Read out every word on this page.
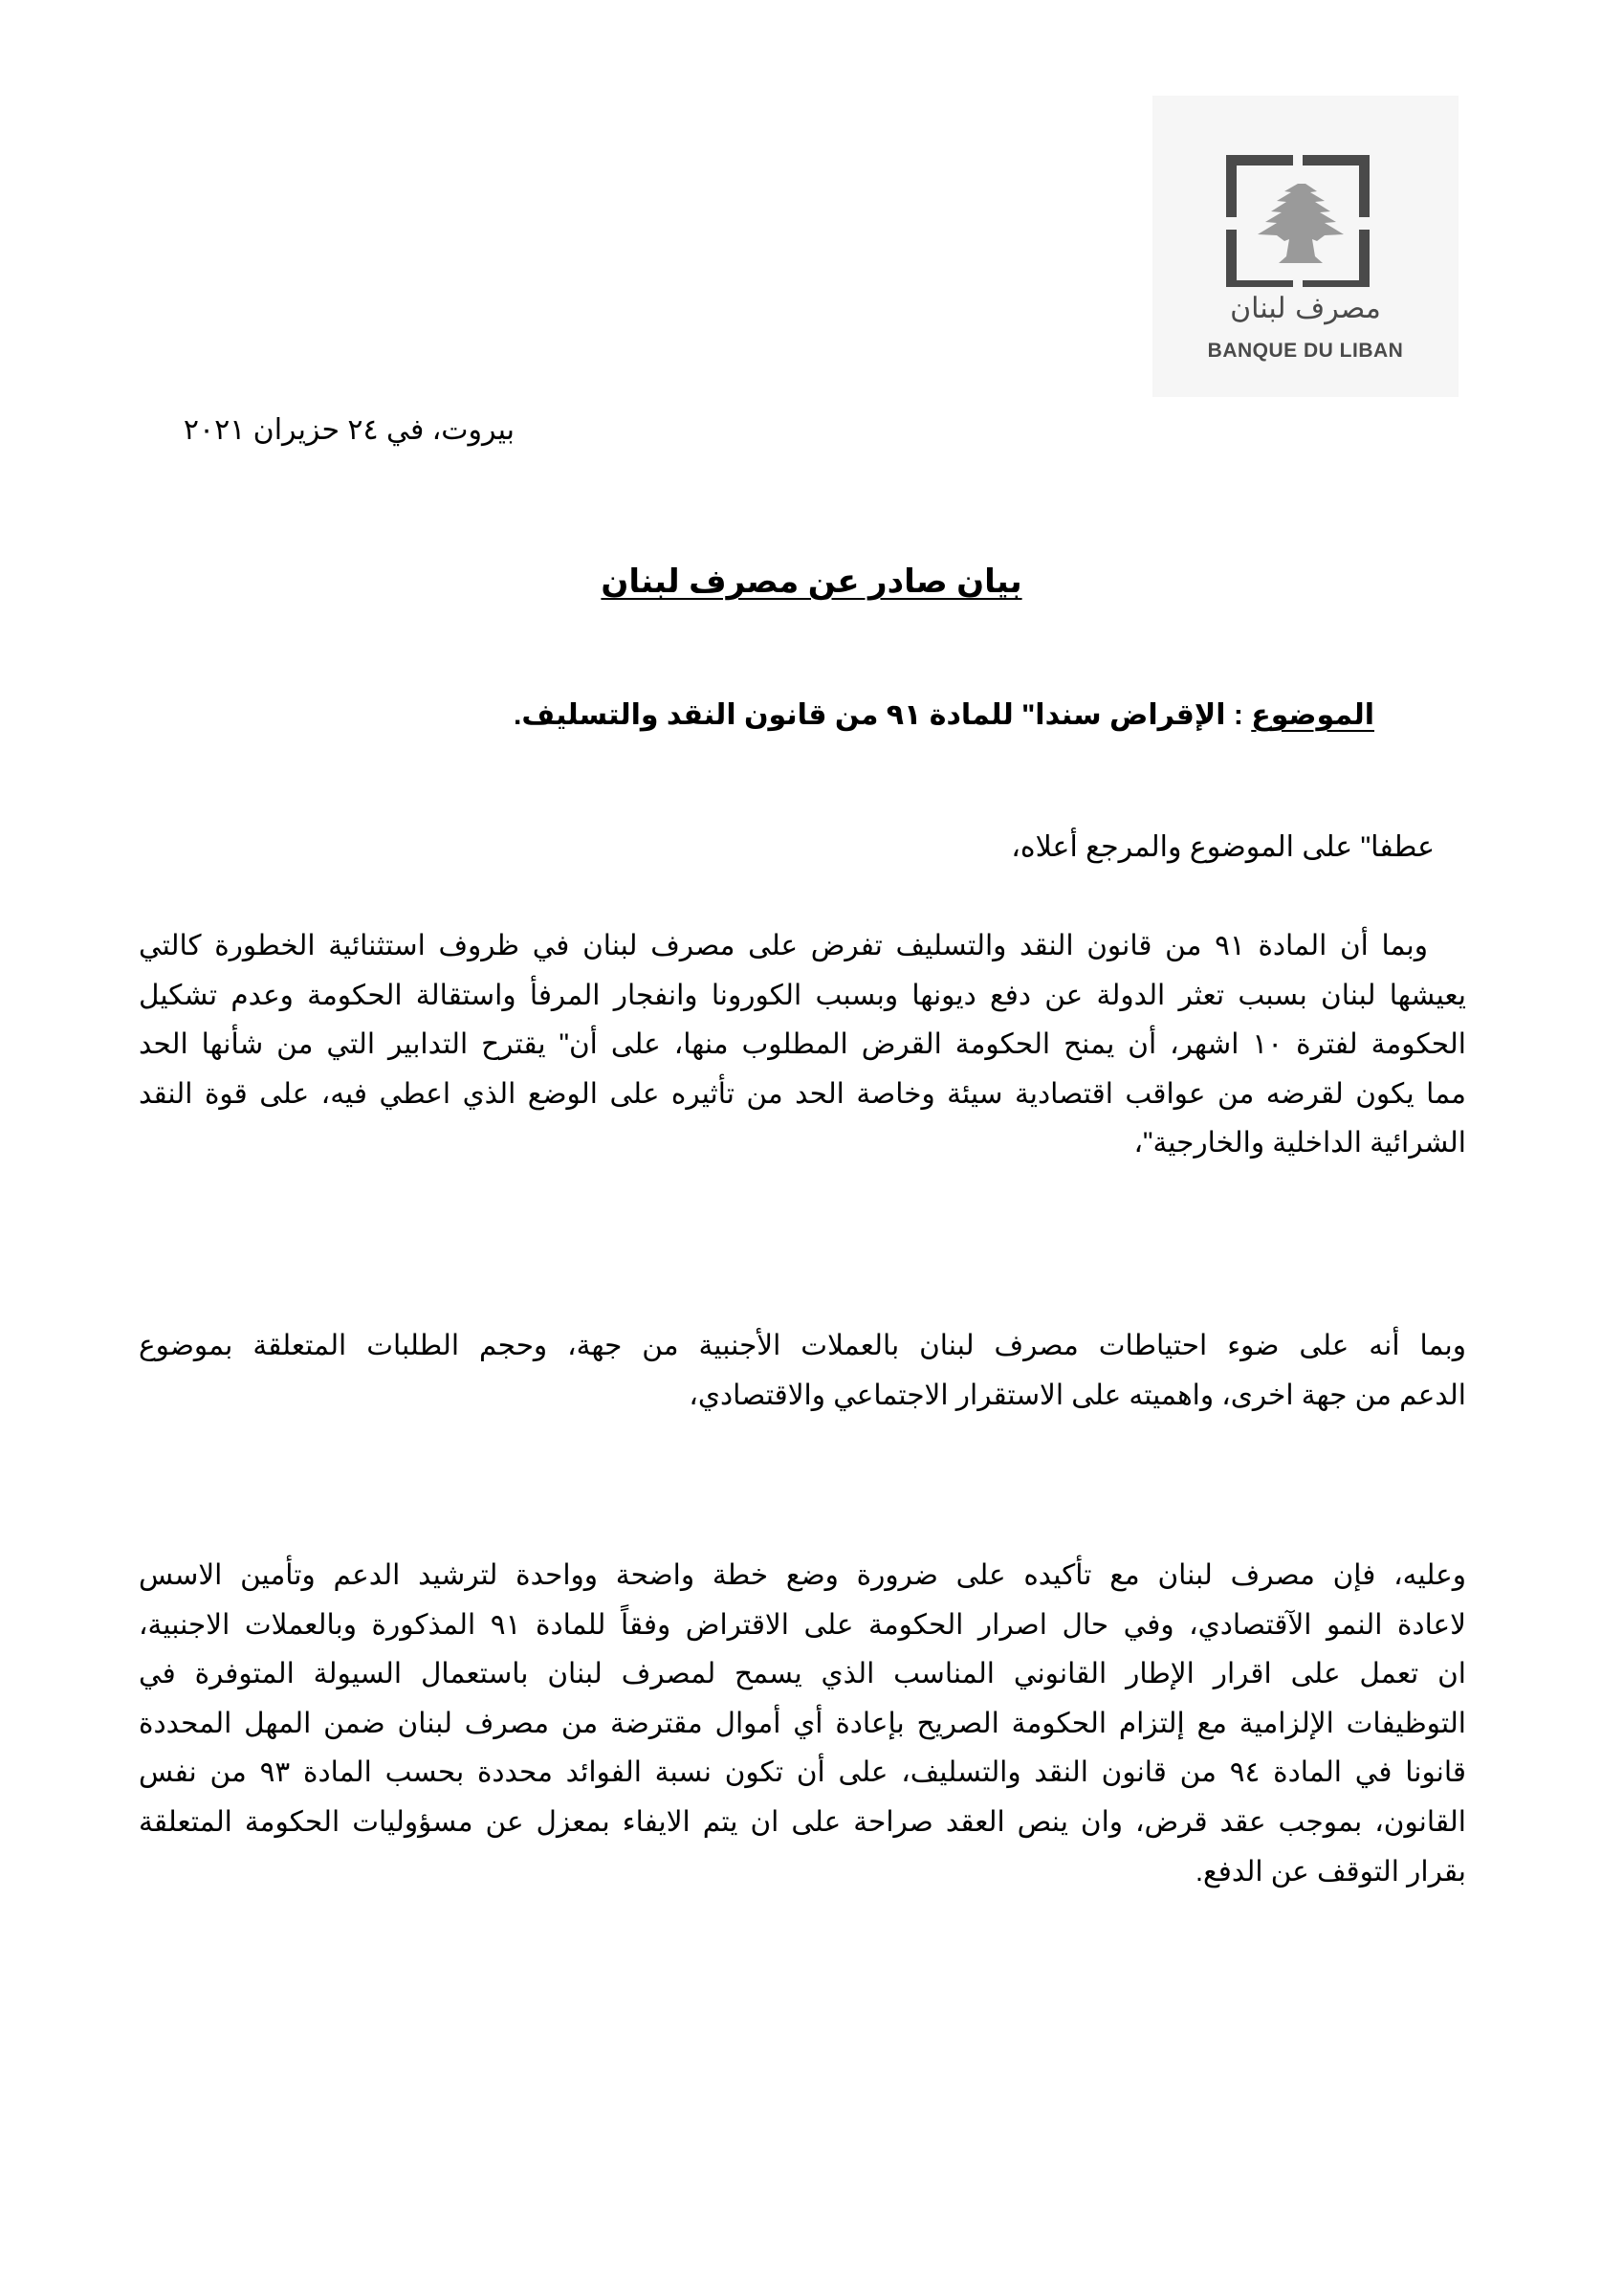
مصرف لبنان
BANQUE DU LIBAN
بيروت، في ٢٤ حزيران ٢٠٢١
بيان صادر عن مصرف لبنان
الموضوع : الإقراض سندا" للمادة ٩١ من قانون النقد والتسليف.
عطفا" على الموضوع والمرجع أعلاه،
وبما أن المادة ٩١ من قانون النقد والتسليف تفرض على مصرف لبنان في ظروف استثنائية الخطورة كالتي
يعيشها لبنان بسبب تعثر الدولة عن دفع ديونها وبسبب الكورونا وانفجار المرفأ واستقالة الحكومة وعدم تشكيل
الحكومة لفترة ١٠ اشهر، أن يمنح الحكومة القرض المطلوب منها، على أن" يقترح التدابير التي من شأنها الحد
مما يكون لقرضه من عواقب اقتصادية سيئة وخاصة الحد من تأثيره على الوضع الذي اعطي فيه، على قوة النقد
الشرائية الداخلية والخارجية"،
وبما أنه على ضوء احتياطات مصرف لبنان بالعملات الأجنبية من جهة، وحجم الطلبات المتعلقة بموضوع
الدعم من جهة اخرى، واهميته على الاستقرار الاجتماعي والاقتصادي،
وعليه، فإن مصرف لبنان مع تأكيده على ضرورة وضع خطة واضحة وواحدة لترشيد الدعم وتأمين الاسس
لاعادة النمو الآقتصادي، وفي حال اصرار الحكومة على الاقتراض وفقاً للمادة ٩١ المذكورة وبالعملات الاجنبية،
ان تعمل على اقرار الإطار القانوني المناسب الذي يسمح لمصرف لبنان باستعمال السيولة المتوفرة في
التوظيفات الإلزامية مع إلتزام الحكومة الصريح بإعادة أي أموال مقترضة من مصرف لبنان ضمن المهل المحددة
قانونا في المادة ٩٤ من قانون النقد والتسليف، على أن تكون نسبة الفوائد محددة بحسب المادة ٩٣ من نفس
القانون، بموجب عقد قرض، وان ينص العقد صراحة على ان يتم الايفاء بمعزل عن مسؤوليات الحكومة المتعلقة
بقرار التوقف عن الدفع.
